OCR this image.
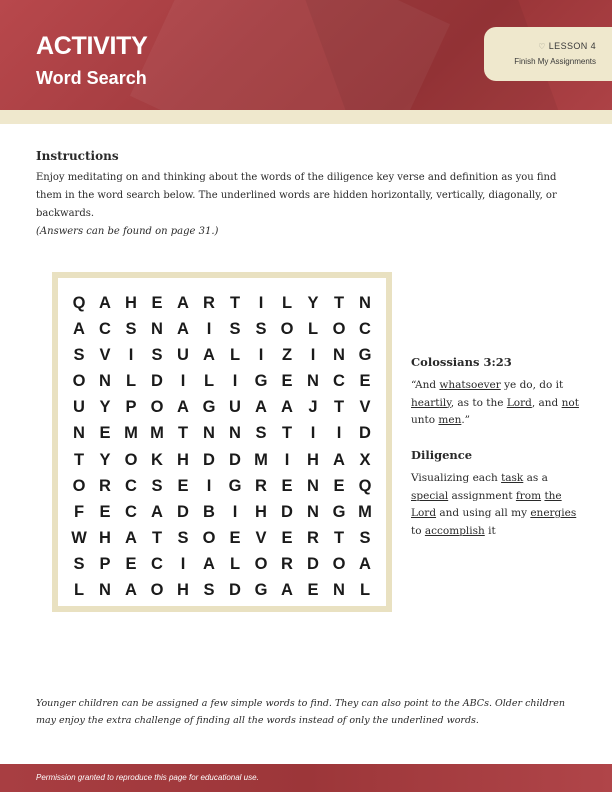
ACTIVITY
Word Search
♡ LESSON 4
Finish My Assignments
Instructions

Enjoy meditating on and thinking about the words of the diligence key verse and definition as you find them in the word search below. The underlined words are hidden horizontally, vertically, diagonally, or backwards.
(Answers can be found on page 31.)

Q A H E A R T	I	L Y T N
A C S N A	I	S S O L O C
S V	I	S U A L	I	Z	I	N G
O N L D	I	L	I	G E N C E
U Y P O A G U A A J T V
N E M M T N N S T	I	I	D
T Y O K H D D M	I	H A X
O R C S E	I	G R E N E Q
F E C A D B	I	H D N G M
W H A T S O E V E R T S
S P E C	I	A L O R D O A
L N A O H S D G A E N L
Colossians 3:23

“And whatsoever ye do, do it heartily, as to the Lord, and not unto men.”

Diligence

Visualizing each task as a special assignment from the Lord and using all my energies to accomplish it

Younger children can be assigned a few simple words to find. They can also point to the ABCs. Older children may enjoy the extra challenge of finding all the words instead of only the underlined words.

Permission granted to reproduce this page for educational use.
